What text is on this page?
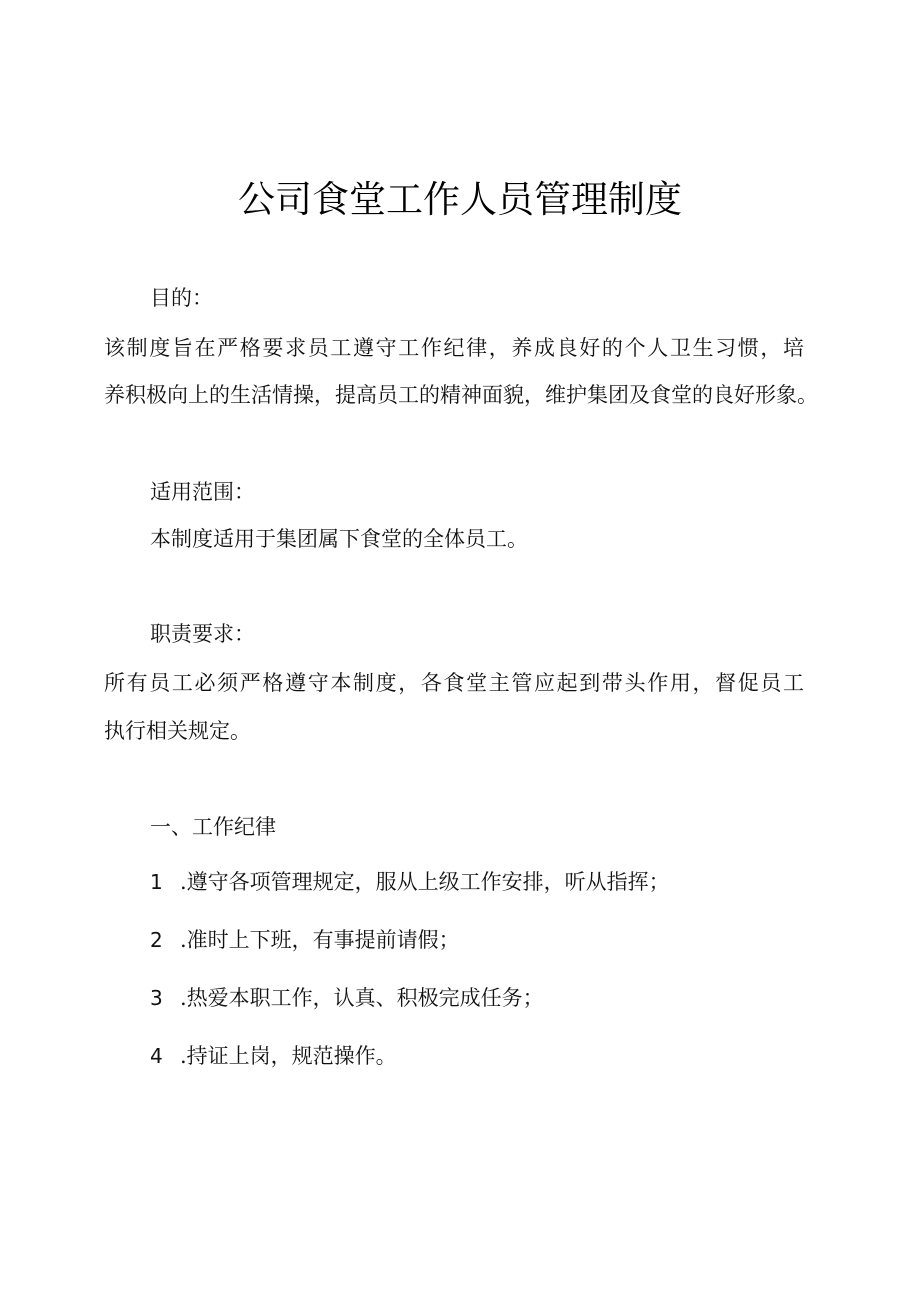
公司食堂工作人员管理制度
目的：
该制度旨在严格要求员工遵守工作纪律，养成良好的个人卫生习惯，培
养积极向上的生活情操，提高员工的精神面貌，维护集团及食堂的良好形象。
适用范围：
本制度适用于集团属下食堂的全体员工。
职责要求：
所有员工必须严格遵守本制度，各食堂主管应起到带头作用，督促员工
执行相关规定。
一、工作纪律
1 .遵守各项管理规定，服从上级工作安排，听从指挥；
2 .准时上下班，有事提前请假；
3 .热爱本职工作，认真、积极完成任务；
4 .持证上岗，规范操作。
